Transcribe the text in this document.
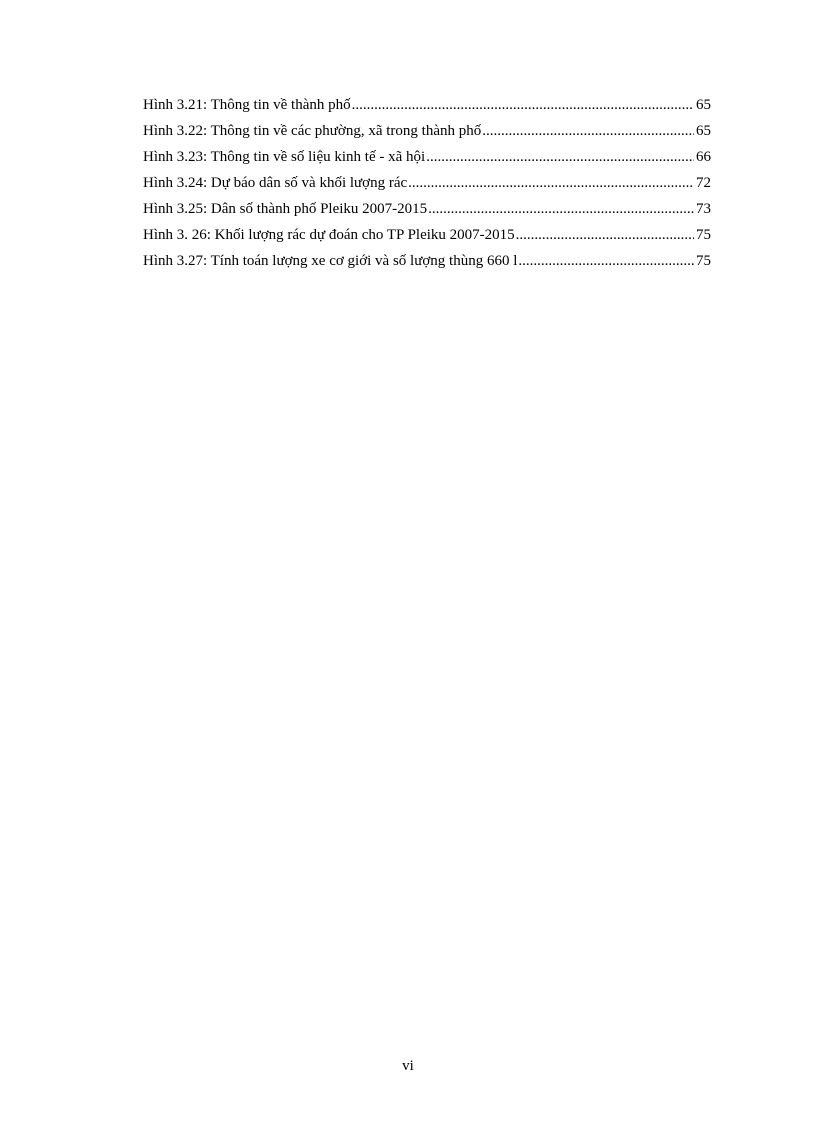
Hình 3.21: Thông tin về thành phố .....	65
Hình 3.22: Thông tin về các phường, xã trong thành phố .....	65
Hình 3.23: Thông tin về số liệu kinh tế - xã hội .....	66
Hình 3.24: Dự báo dân số và khối lượng rác .....	72
Hình 3.25: Dân số thành phố Pleiku 2007-2015 .....	73
Hình 3. 26: Khối lượng rác dự đoán cho TP Pleiku 2007-2015 .....	75
Hình 3.27: Tính toán lượng xe cơ giới và số lượng thùng 660 l .....	75
vi
